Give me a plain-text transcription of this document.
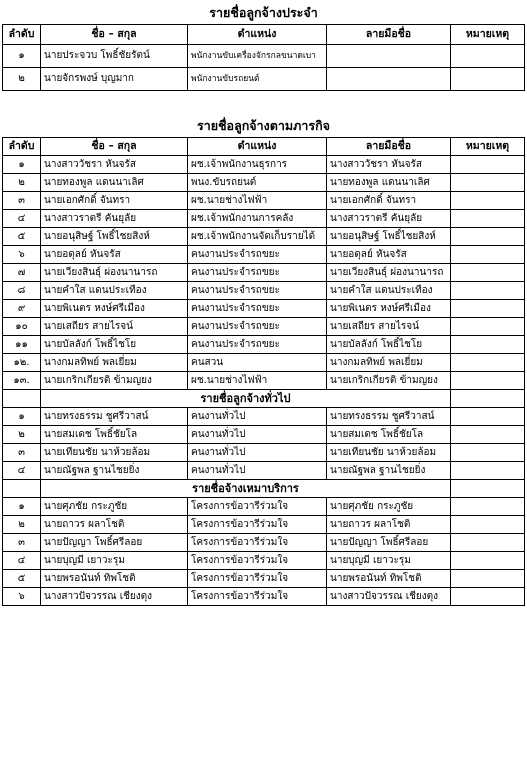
รายชื่อลูกจ้างประจำ
ลำดับ	ชื่อ – สกุล	ตำแหน่ง	ลายมือชื่อ	หมายเหตุ
๑	นายประจวบ โพธิ์ชัยรัตน์	พนักงานขับเครื่องจักรกลขนาดเบา		
๒	นายจักรพงษ์ บุญมาก	พนักงานขับรถยนต์		
รายชื่อลูกจ้างตามภารกิจ
ลำดับ	ชื่อ – สกุล	ตำแหน่ง	ลายมือชื่อ	หมายเหตุ
๑	นางสาววัชรา หันจรัส	ผช.เจ้าพนักงานธุรการ	นางสาววัชรา หันจรัส	
๒	นายทองพูล แดนนาเลิศ	พนง.ขับรถยนต์	นายทองพูล แดนนาเลิศ	
๓	นายเอกศักดิ์ จันทรา	ผช.นายช่างไฟฟ้า	นายเอกศักดิ์ จันทรา	
๔	นางสาวราตรี คันยุลัย	ผช.เจ้าพนักงานการคลัง	นางสาวราตรี คันยุลัย	
๕	นายอนุสิษฐ์ โพธิ์ไชยสิงห์	ผช.เจ้าพนักงานจัดเก็บรายได้	นายอนุสิษฐ์ โพธิ์ไชยสิงห์	
๖	นายอดุลย์ หันจรัส	คนงานประจำรถขยะ	นายอดุลย์ หันจรัส	
๗	นายเวียงสินธุ์ ผ่องนานารถ	คนงานประจำรถขยะ	นายเวียงสินธุ์ ผ่องนานารถ	
๘	นายคำใส แดนประเทือง	คนงานประจำรถขยะ	นายคำใส แดนประเทือง	
๙	นายพิเนตร หงษ์ศรีเมือง	คนงานประจำรถขยะ	นายพิเนตร หงษ์ศรีเมือง	
๑๐	นายเสถียร สายไรจน์	คนงานประจำรถขยะ	นายเสถียร สายไรจน์	
๑๑	นายบัลลังก์ โพธิ์ไชโย	คนงานประจำรถขยะ	นายบัลลังก์ โพธิ์ไชโย	
๑๒.	นางกมลทิพย์ พลเยี่ยม	คนสวน	นางกมลทิพย์ พลเยี่ยม	
๑๓.	นายเกริกเกียรติ ข้ามญยง	ผช.นายช่างไฟฟ้า	นายเกริกเกียรติ ข้ามญยง	
	รายชื่อลูกจ้างทั่วไป			
๑	นายทรงธรรม ชูศรีวาสน์	คนงานทั่วไป	นายทรงธรรม ชูศรีวาสน์	
๒	นายสมเดช โพธิ์ชัยโล	คนงานทั่วไป	นายสมเดช โพธิ์ชัยโล	
๓	นายเทียนชัย นาห้วยล้อม	คนงานทั่วไป	นายเทียนชัย นาห้วยล้อม	
๔	นายณัฐพล ฐานไชยยิ่ง	คนงานทั่วไป	นายณัฐพล ฐานไชยยิ่ง	
	รายชื่อจ้างเหมาบริการ			
๑	นายศุภชัย กระภูชัย	โครงการข้อวารีร่วมใจ	นายศุภชัย กระภูชัย	
๒	นายถาวร ผลาโชติ	โครงการข้อวารีร่วมใจ	นายถาวร ผลาโชติ	
๓	นายปัญญา โพธิ์ศรีลอย	โครงการข้อวารีร่วมใจ	นายปัญญา โพธิ์ศรีลอย	
๔	นายบุญมี เยาวะรุม	โครงการข้อวารีร่วมใจ	นายบุญมี เยาวะรุม	
๕	นายพรอนันท์ ทิพโชติ	โครงการข้อวารีร่วมใจ	นายพรอนันท์ ทิพโชติ	
๖	นางสาวปัจวรรณ เชียงตุง	โครงการข้อวารีร่วมใจ	นางสาวปัจวรรณ เชียงตุง	
